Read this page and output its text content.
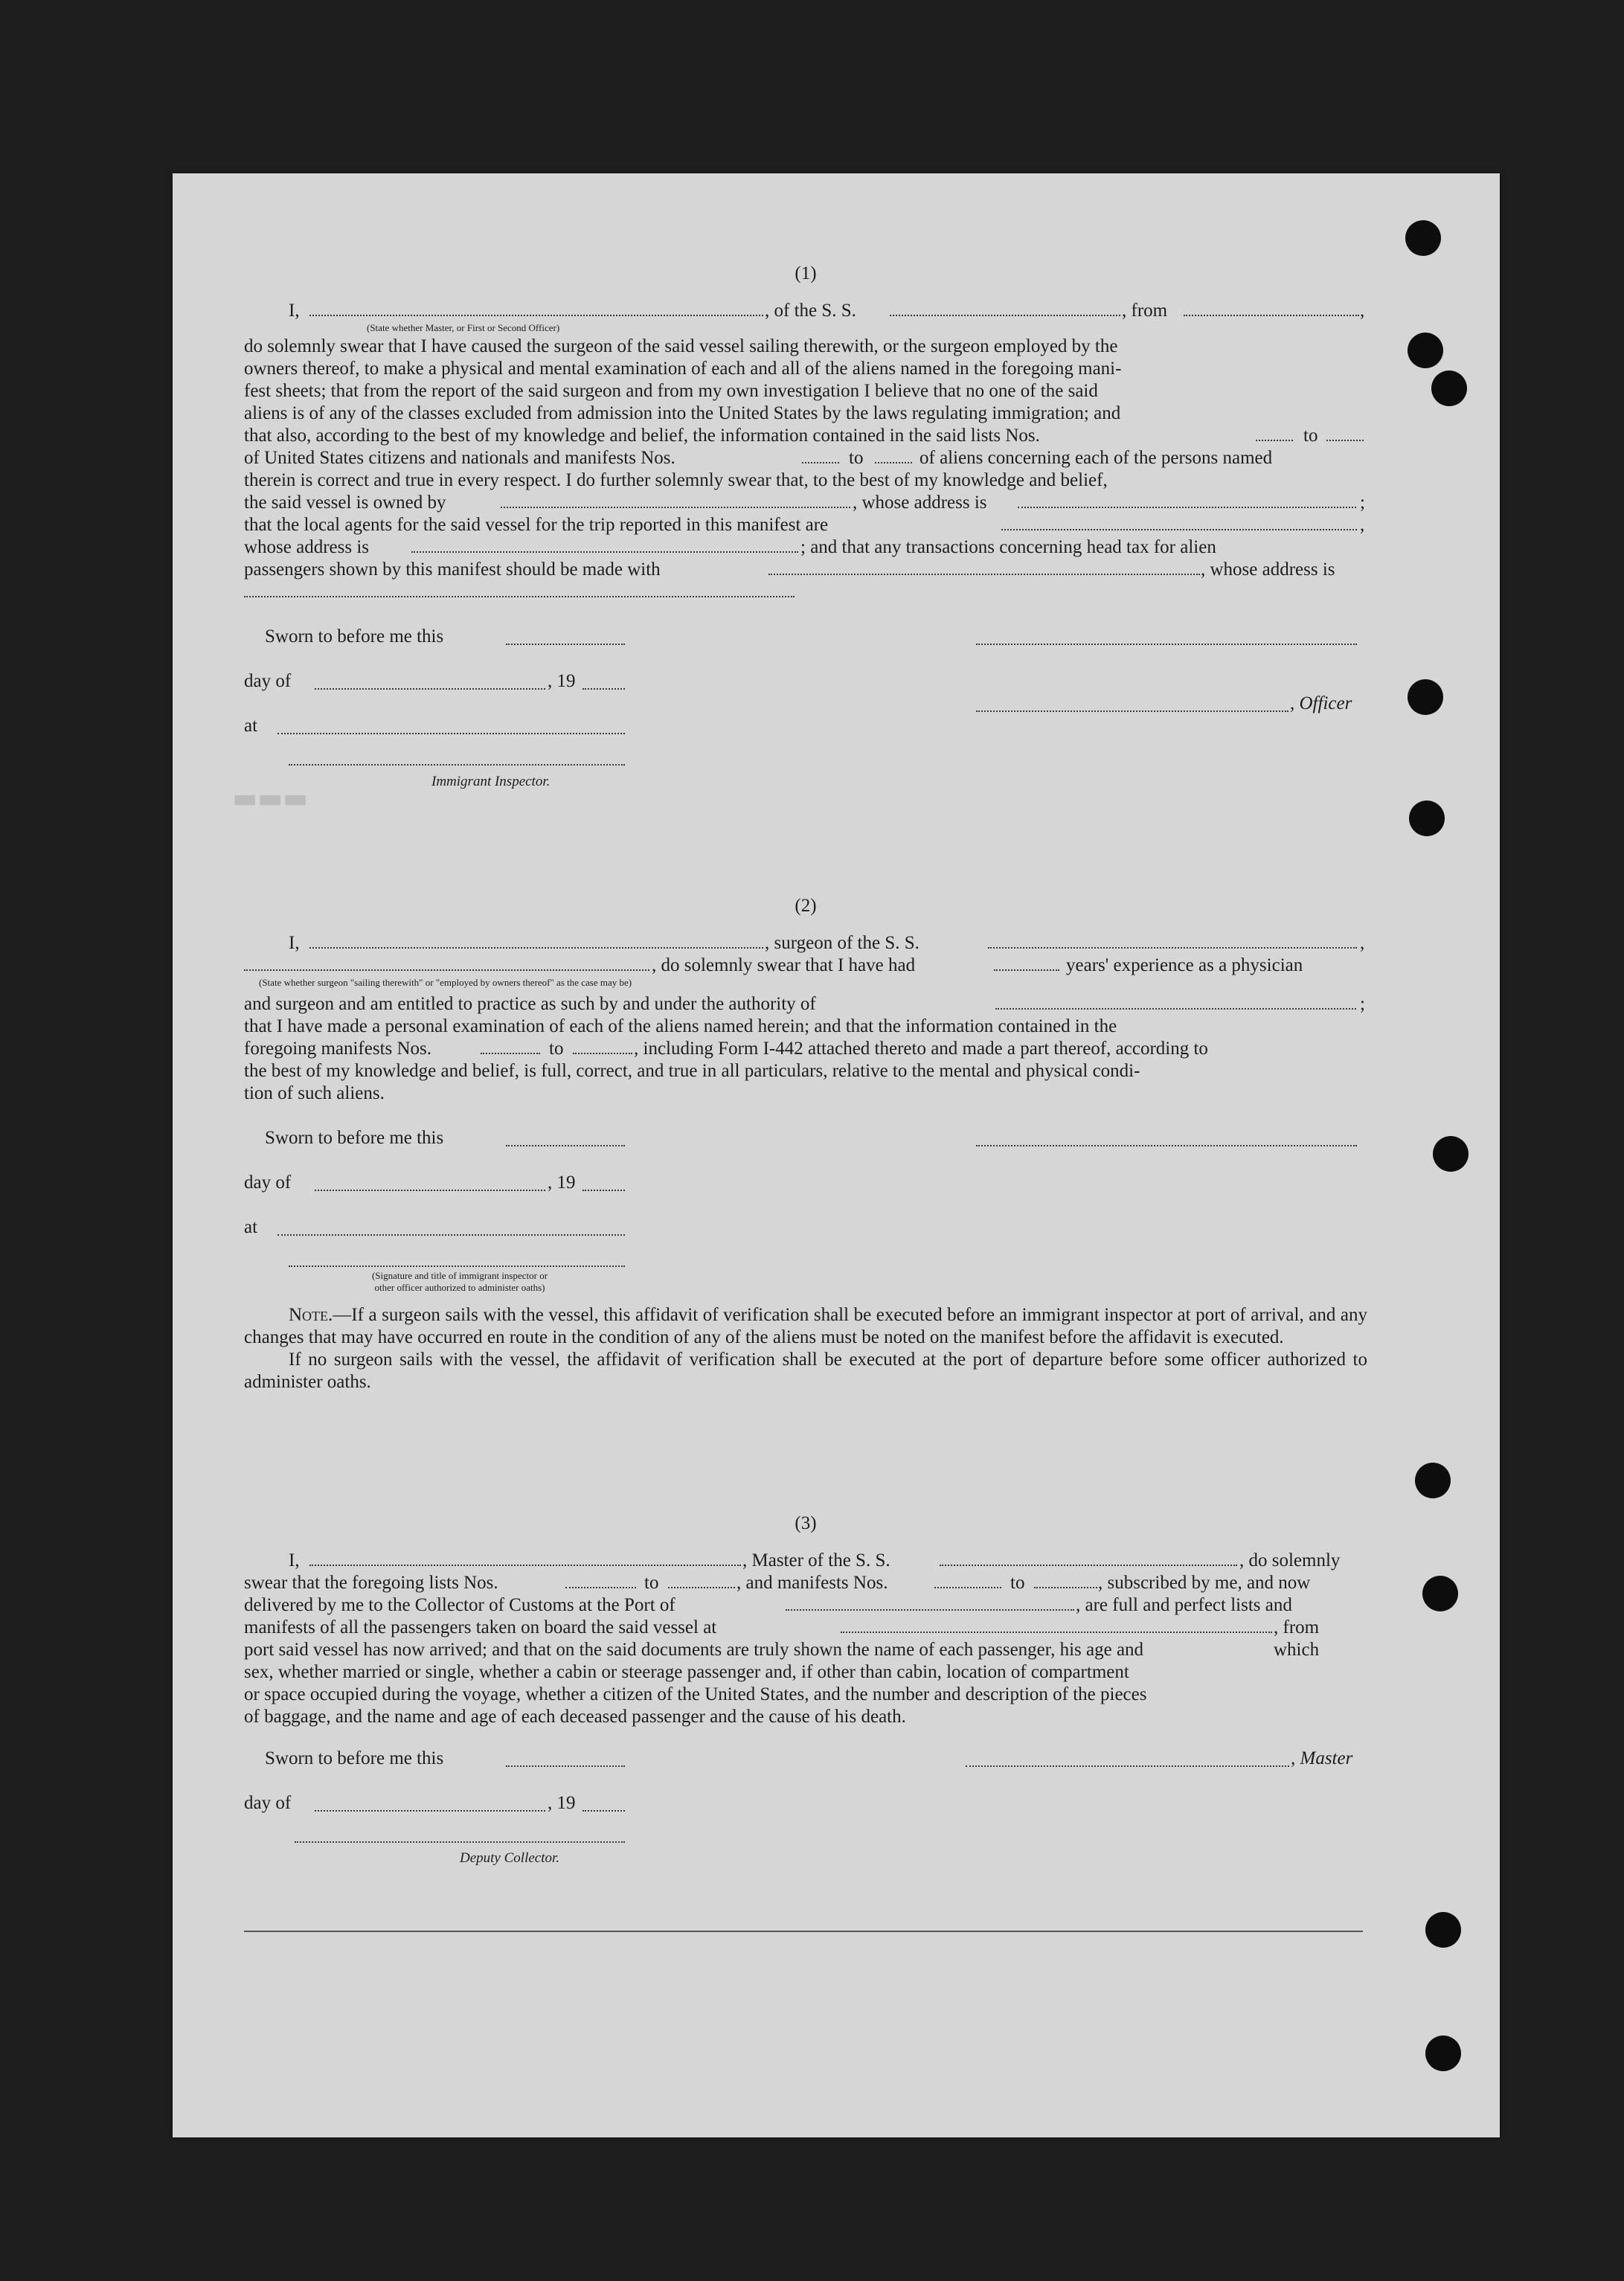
▬▬▬

(1)

I,	, of the S. S.	, from	,
(State whether Master, or First or Second Officer)

do solemnly swear that I have caused the surgeon of the said vessel sailing therewith, or the surgeon employed by the

owners thereof, to make a physical and mental examination of each and all of the aliens named in the foregoing mani-

fest sheets; that from the report of the said surgeon and from my own investigation I believe that no one of the said

aliens is of any of the classes excluded from admission into the United States by the laws regulating immigration; and

that also, according to the best of my knowledge and belief, the information contained in the said lists Nos.	to
of United States citizens and nationals and manifests Nos.	to	of aliens concerning each of the persons named

therein is correct and true in every respect. I do further solemnly swear that, to the best of my knowledge and belief,

the said vessel is owned by	, whose address is	;
that the local agents for the said vessel for the trip reported in this manifest are	,
whose address is	; and that any transactions concerning head tax for alien
passengers shown by this manifest should be made with	, whose address is
Sworn to before me this
day of	, 19
, Officer
at
Immigrant Inspector.

(2)

I,	, surgeon of the S. S.	,
, do solemnly swear that I have had	years' experience as a physician
(State whether surgeon "sailing therewith" or "employed by owners thereof" as the case may be)
and surgeon and am entitled to practice as such by and under the authority of	;

that I have made a personal examination of each of the aliens named herein; and that the information contained in the

foregoing manifests Nos.	to	, including Form I-442 attached thereto and made a part thereof, according to

the best of my knowledge and belief, is full, correct, and true in all particulars, relative to the mental and physical condi-

tion of such aliens.

Sworn to before me this
day of	, 19
at
(Signature and title of immigrant inspector or other officer authorized to administer oaths)

Note.—If a surgeon sails with the vessel, this affidavit of verification shall be executed before an immigrant inspector at port of arrival, and any changes that may have occurred en route in the condition of any of the aliens must be noted on the manifest before the affidavit is executed.

If no surgeon sails with the vessel, the affidavit of verification shall be executed at the port of departure before some officer authorized to administer oaths.

(3)

I,	, Master of the S. S.	, do solemnly
swear that the foregoing lists Nos.	to	, and manifests Nos.	to	, subscribed by me, and now
delivered by me to the Collector of Customs at the Port of	, are full and perfect lists and
manifests of all the passengers taken on board the said vessel at	, from which

port said vessel has now arrived; and that on the said documents are truly shown the name of each passenger, his age and

sex, whether married or single, whether a cabin or steerage passenger and, if other than cabin, location of compartment

or space occupied during the voyage, whether a citizen of the United States, and the number and description of the pieces

of baggage, and the name and age of each deceased passenger and the cause of his death.

Sworn to before me this	, Master
day of	, 19
Deputy Collector.
